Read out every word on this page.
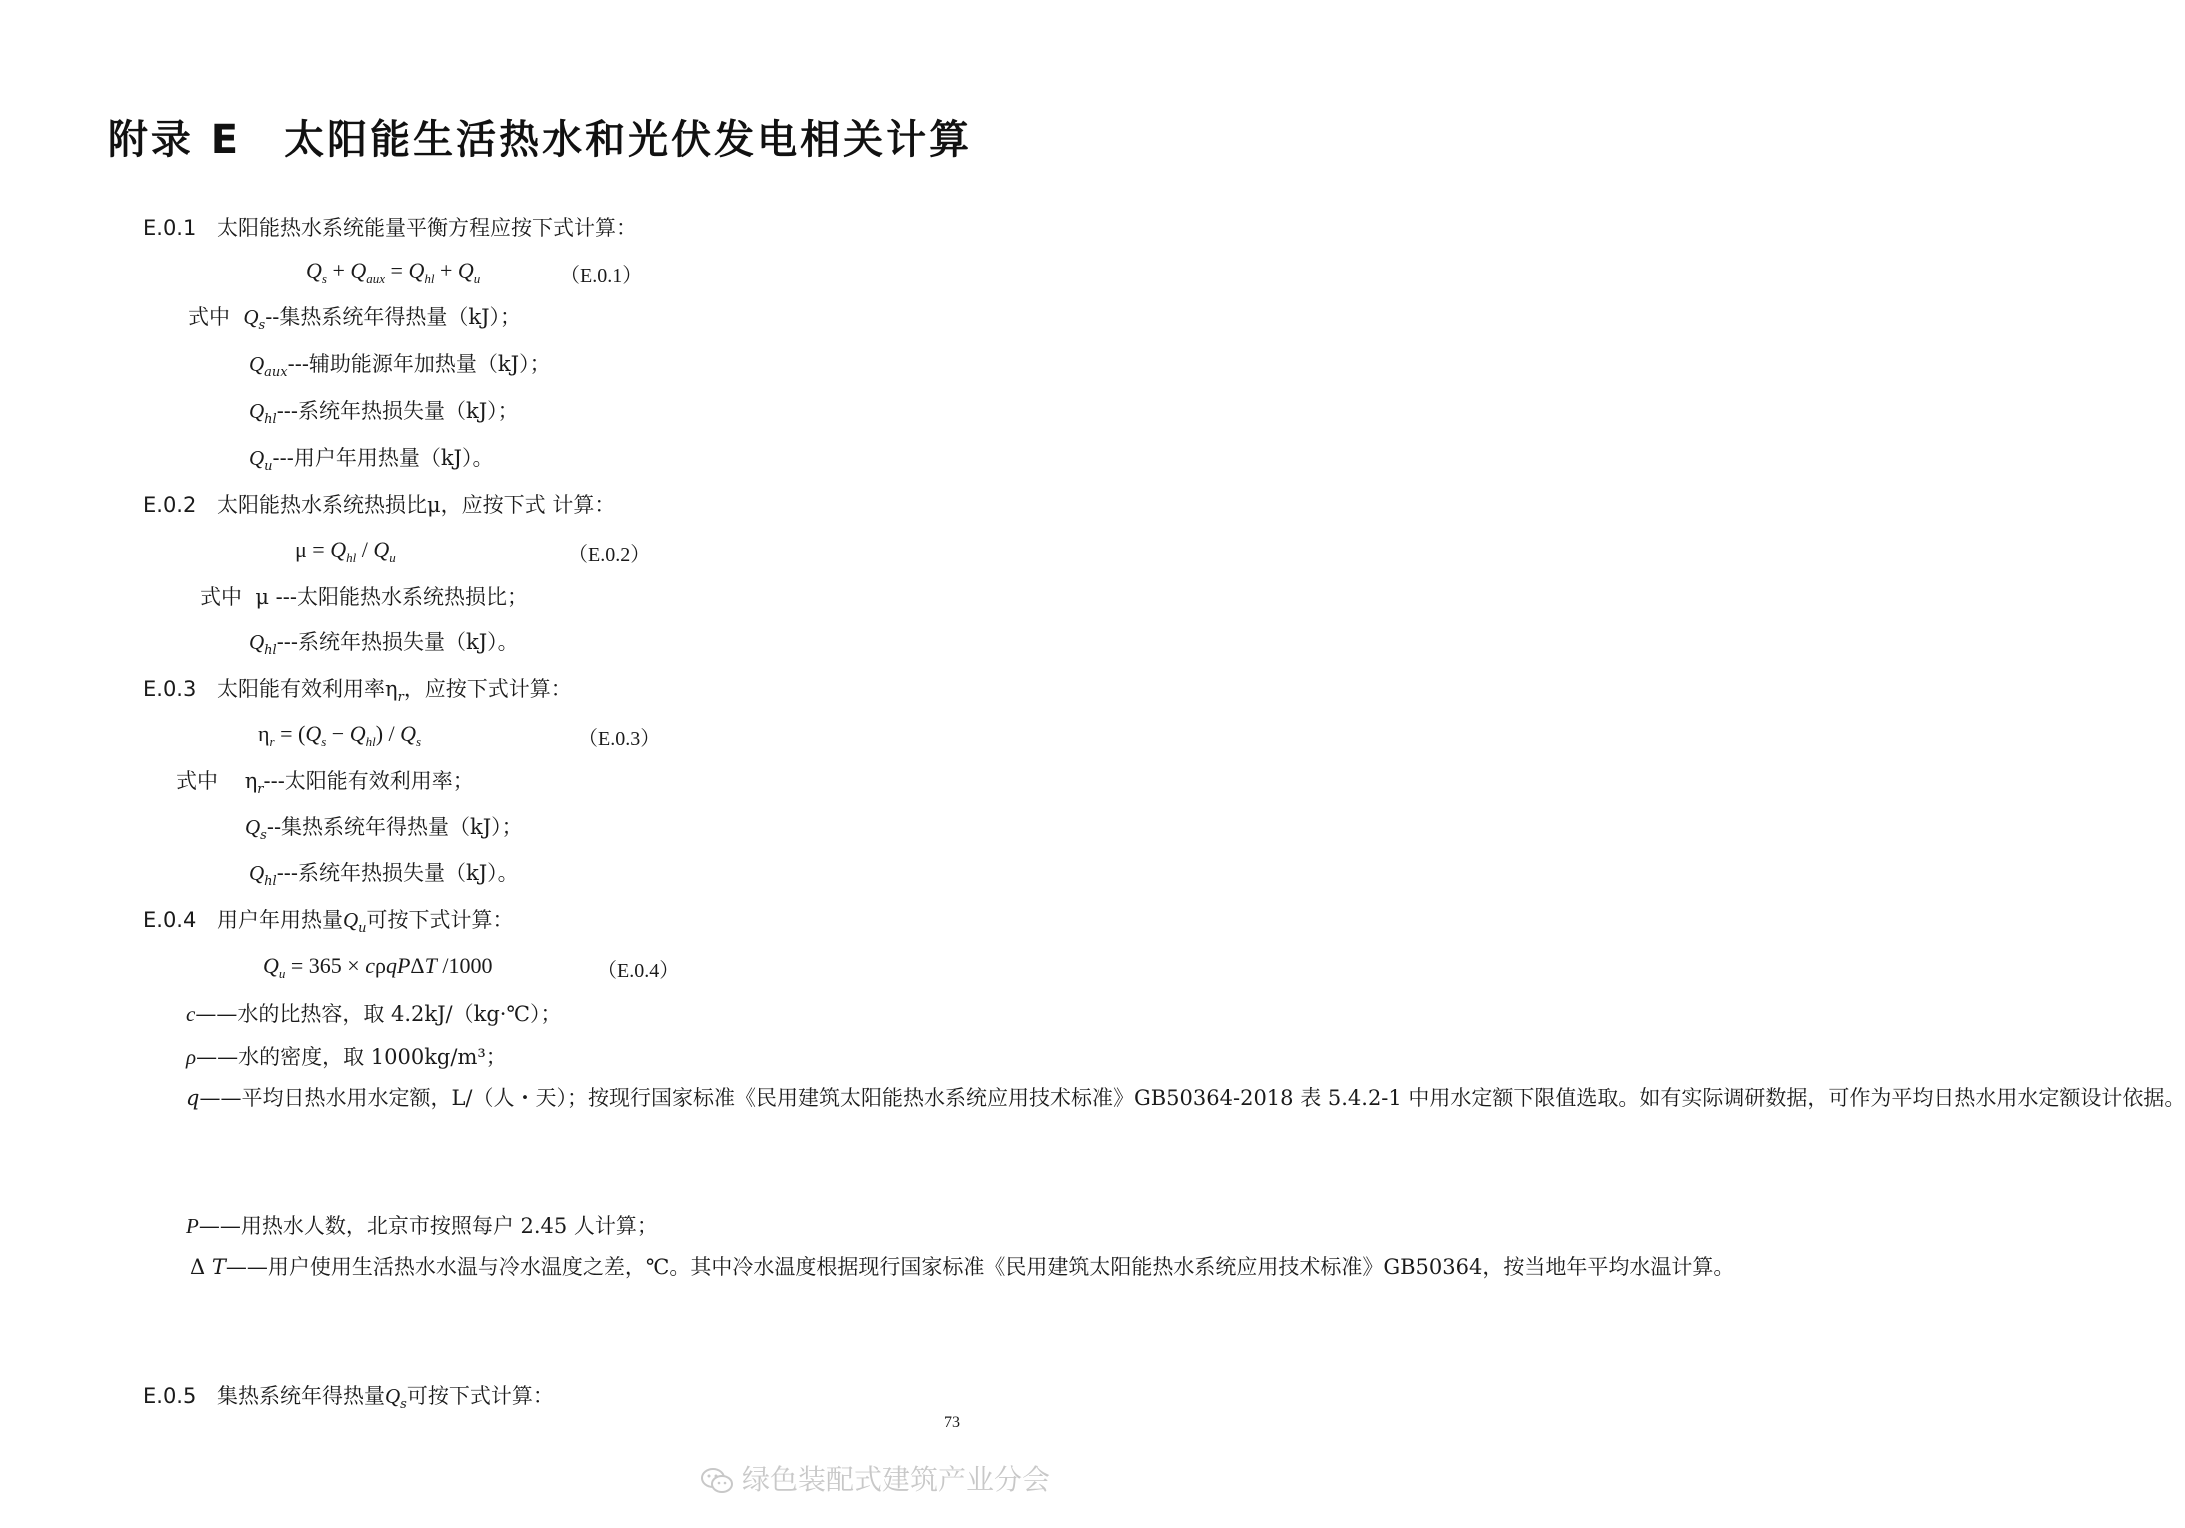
附录 E　太阳能生活热水和光伏发电相关计算
E.0.1 太阳能热水系统能量平衡方程应按下式计算：
$Q_s + Q_{aux} = Q_{hl} + Q_u$	（E.0.1）
式中 $Q_s--$集热系统年得热量（kJ）；
$Q_{aux}---$辅助能源年加热量（kJ）；
$Q_{hl}---$系统年热损失量（kJ）；
$Q_u---$用户年用热量（kJ）。
E.0.2 太阳能热水系统热损比μ，应按下式 计算：
$\mu = Q_{hl} / Q_u$	（E.0.2）
式中 μ ---太阳能热水系统热损比；
$Q_{hl}---$系统年热损失量（kJ）。
E.0.3 太阳能有效利用率$\eta_r$，应按下式计算：
$\eta_r = (Q_s - Q_{hl}) / Q_s$	（E.0.3）
式中    $\eta_r---$太阳能有效利用率；
$Q_s--$集热系统年得热量（kJ）；
$Q_{hl}---$系统年热损失量（kJ）。
E.0.4 用户年用热量$Q_u$可按下式计算：
$Q_u = 365 \times c\rho qP\Delta T$ /1000	（E.0.4）
c——水的比热容，取 4.2kJ/（kg·℃）；
ρ——水的密度，取 1000kg/m³；
q——平均日热水用水定额，L/（人・天）；按现行国家标准《民用建筑太阳能热水系统应用技术标准》GB50364-2018 表 5.4.2-1 中用水定额下限值选取。如有实际调研数据，可作为平均日热水用水定额设计依据。
P——用热水人数，北京市按照每户 2.45 人计算；
Δ T——用户使用生活热水水温与冷水温度之差，℃。其中冷水温度根据现行国家标准《民用建筑太阳能热水系统应用技术标准》GB50364，按当地年平均水温计算。
E.0.5 集热系统年得热量$Q_s$可按下式计算：
73
绿色装配式建筑产业分会
